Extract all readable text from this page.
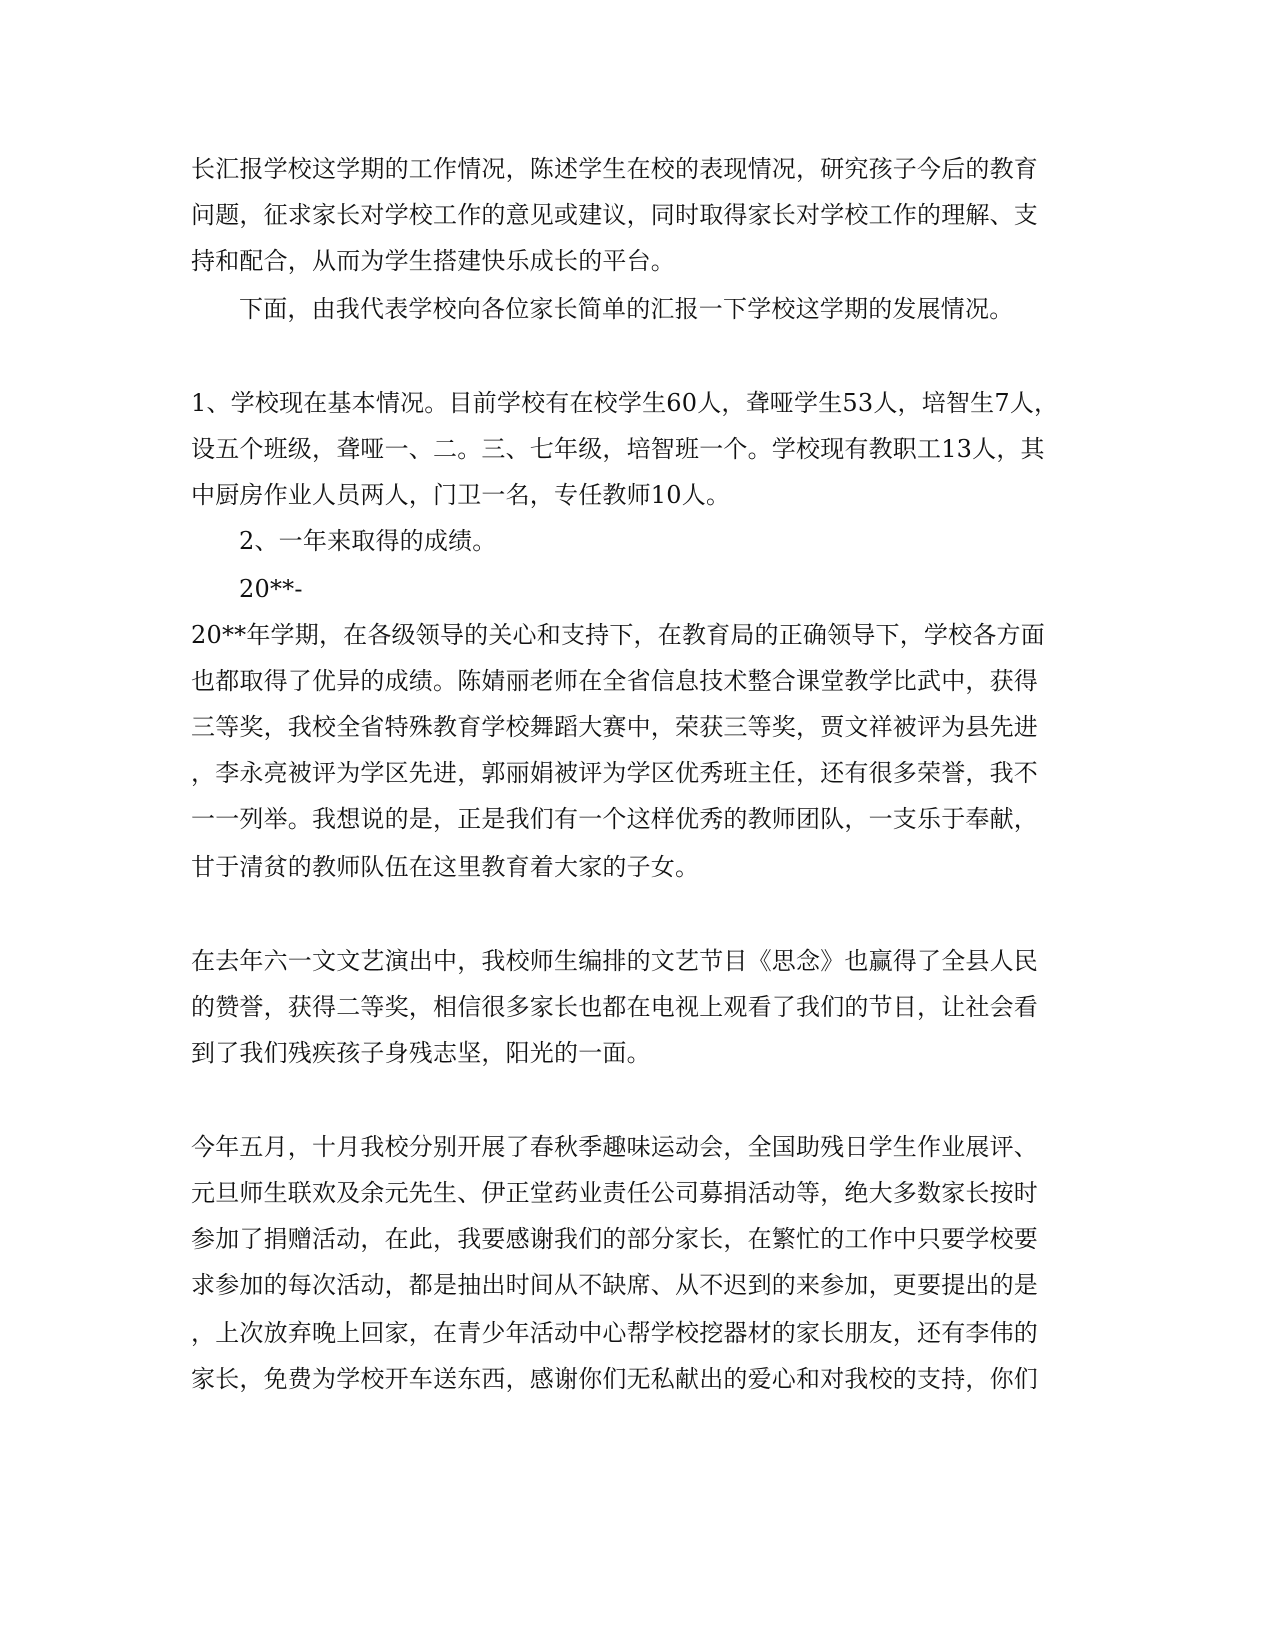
长汇报学校这学期的工作情况，陈述学生在校的表现情况，研究孩子今后的教育
问题，征求家长对学校工作的意见或建议，同时取得家长对学校工作的理解、支
持和配合，从而为学生搭建快乐成长的平台。
下面，由我代表学校向各位家长简单的汇报一下学校这学期的发展情况。
1、学校现在基本情况。目前学校有在校学生60人，聋哑学生53人，培智生7人，
设五个班级，聋哑一、二。三、七年级，培智班一个。学校现有教职工13人，其
中厨房作业人员两人，门卫一名，专任教师10人。
2、一年来取得的成绩。
20**-
20**年学期，在各级领导的关心和支持下，在教育局的正确领导下，学校各方面
也都取得了优异的成绩。陈婧丽老师在全省信息技术整合课堂教学比武中，获得
三等奖，我校全省特殊教育学校舞蹈大赛中，荣获三等奖，贾文祥被评为县先进
，李永亮被评为学区先进，郭丽娟被评为学区优秀班主任，还有很多荣誉，我不
一一列举。我想说的是，正是我们有一个这样优秀的教师团队，一支乐于奉献，
甘于清贫的教师队伍在这里教育着大家的子女。
在去年六一文文艺演出中，我校师生编排的文艺节目《思念》也赢得了全县人民
的赞誉，获得二等奖，相信很多家长也都在电视上观看了我们的节目，让社会看
到了我们残疾孩子身残志坚，阳光的一面。
今年五月，十月我校分别开展了春秋季趣味运动会，全国助残日学生作业展评、
元旦师生联欢及余元先生、伊正堂药业责任公司募捐活动等，绝大多数家长按时
参加了捐赠活动，在此，我要感谢我们的部分家长，在繁忙的工作中只要学校要
求参加的每次活动，都是抽出时间从不缺席、从不迟到的来参加，更要提出的是
，上次放弃晚上回家，在青少年活动中心帮学校挖器材的家长朋友，还有李伟的
家长，免费为学校开车送东西，感谢你们无私献出的爱心和对我校的支持，你们
